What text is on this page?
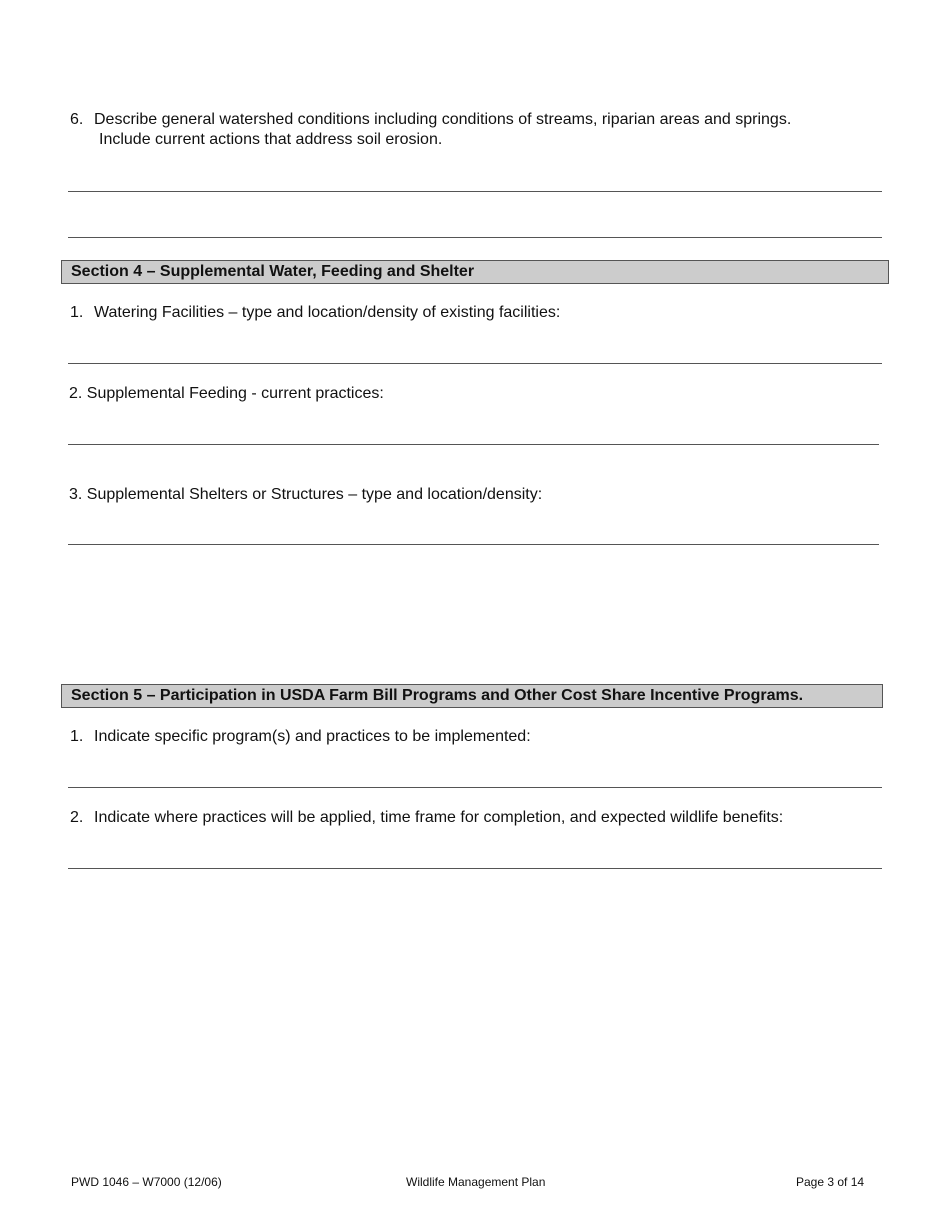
6. Describe general watershed conditions including conditions of streams, riparian areas and springs.
Include current actions that address soil erosion.
Section 4 – Supplemental Water, Feeding and Shelter
1. Watering Facilities – type and location/density of existing facilities:
2. Supplemental Feeding - current practices:
3. Supplemental Shelters or Structures – type and location/density:
Section 5 – Participation in USDA Farm Bill Programs and Other Cost Share Incentive Programs.
1. Indicate specific program(s) and practices to be implemented:
2. Indicate where practices will be applied, time frame for completion, and expected wildlife benefits:
PWD 1046 – W7000 (12/06)	Wildlife Management Plan	Page 3 of 14
